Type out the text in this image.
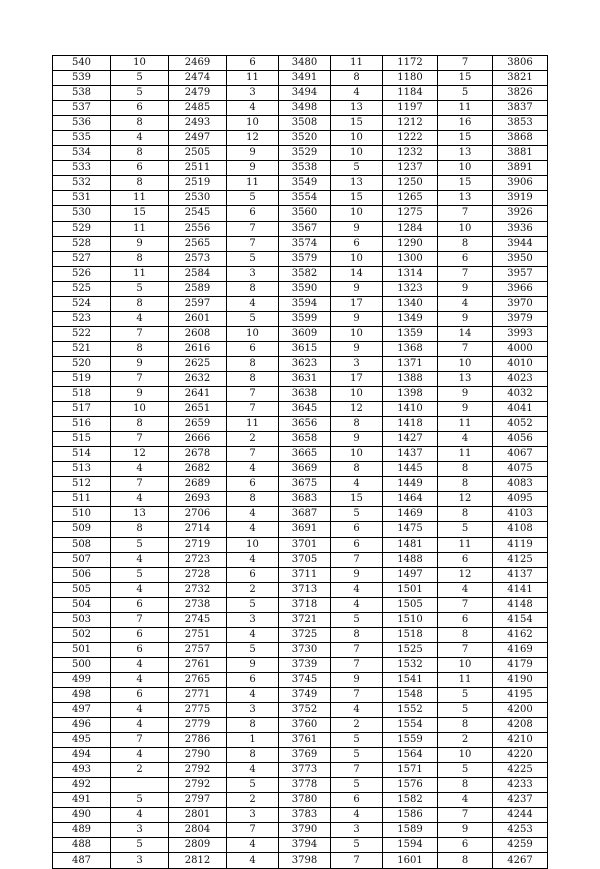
540	10	2469	6	3480	11	1172	7	3806
539	5	2474	11	3491	8	1180	15	3821
538	5	2479	3	3494	4	1184	5	3826
537	6	2485	4	3498	13	1197	11	3837
536	8	2493	10	3508	15	1212	16	3853
535	4	2497	12	3520	10	1222	15	3868
534	8	2505	9	3529	10	1232	13	3881
533	6	2511	9	3538	5	1237	10	3891
532	8	2519	11	3549	13	1250	15	3906
531	11	2530	5	3554	15	1265	13	3919
530	15	2545	6	3560	10	1275	7	3926
529	11	2556	7	3567	9	1284	10	3936
528	9	2565	7	3574	6	1290	8	3944
527	8	2573	5	3579	10	1300	6	3950
526	11	2584	3	3582	14	1314	7	3957
525	5	2589	8	3590	9	1323	9	3966
524	8	2597	4	3594	17	1340	4	3970
523	4	2601	5	3599	9	1349	9	3979
522	7	2608	10	3609	10	1359	14	3993
521	8	2616	6	3615	9	1368	7	4000
520	9	2625	8	3623	3	1371	10	4010
519	7	2632	8	3631	17	1388	13	4023
518	9	2641	7	3638	10	1398	9	4032
517	10	2651	7	3645	12	1410	9	4041
516	8	2659	11	3656	8	1418	11	4052
515	7	2666	2	3658	9	1427	4	4056
514	12	2678	7	3665	10	1437	11	4067
513	4	2682	4	3669	8	1445	8	4075
512	7	2689	6	3675	4	1449	8	4083
511	4	2693	8	3683	15	1464	12	4095
510	13	2706	4	3687	5	1469	8	4103
509	8	2714	4	3691	6	1475	5	4108
508	5	2719	10	3701	6	1481	11	4119
507	4	2723	4	3705	7	1488	6	4125
506	5	2728	6	3711	9	1497	12	4137
505	4	2732	2	3713	4	1501	4	4141
504	6	2738	5	3718	4	1505	7	4148
503	7	2745	3	3721	5	1510	6	4154
502	6	2751	4	3725	8	1518	8	4162
501	6	2757	5	3730	7	1525	7	4169
500	4	2761	9	3739	7	1532	10	4179
499	4	2765	6	3745	9	1541	11	4190
498	6	2771	4	3749	7	1548	5	4195
497	4	2775	3	3752	4	1552	5	4200
496	4	2779	8	3760	2	1554	8	4208
495	7	2786	1	3761	5	1559	2	4210
494	4	2790	8	3769	5	1564	10	4220
493	2	2792	4	3773	7	1571	5	4225
492		2792	5	3778	5	1576	8	4233
491	5	2797	2	3780	6	1582	4	4237
490	4	2801	3	3783	4	1586	7	4244
489	3	2804	7	3790	3	1589	9	4253
488	5	2809	4	3794	5	1594	6	4259
487	3	2812	4	3798	7	1601	8	4267
